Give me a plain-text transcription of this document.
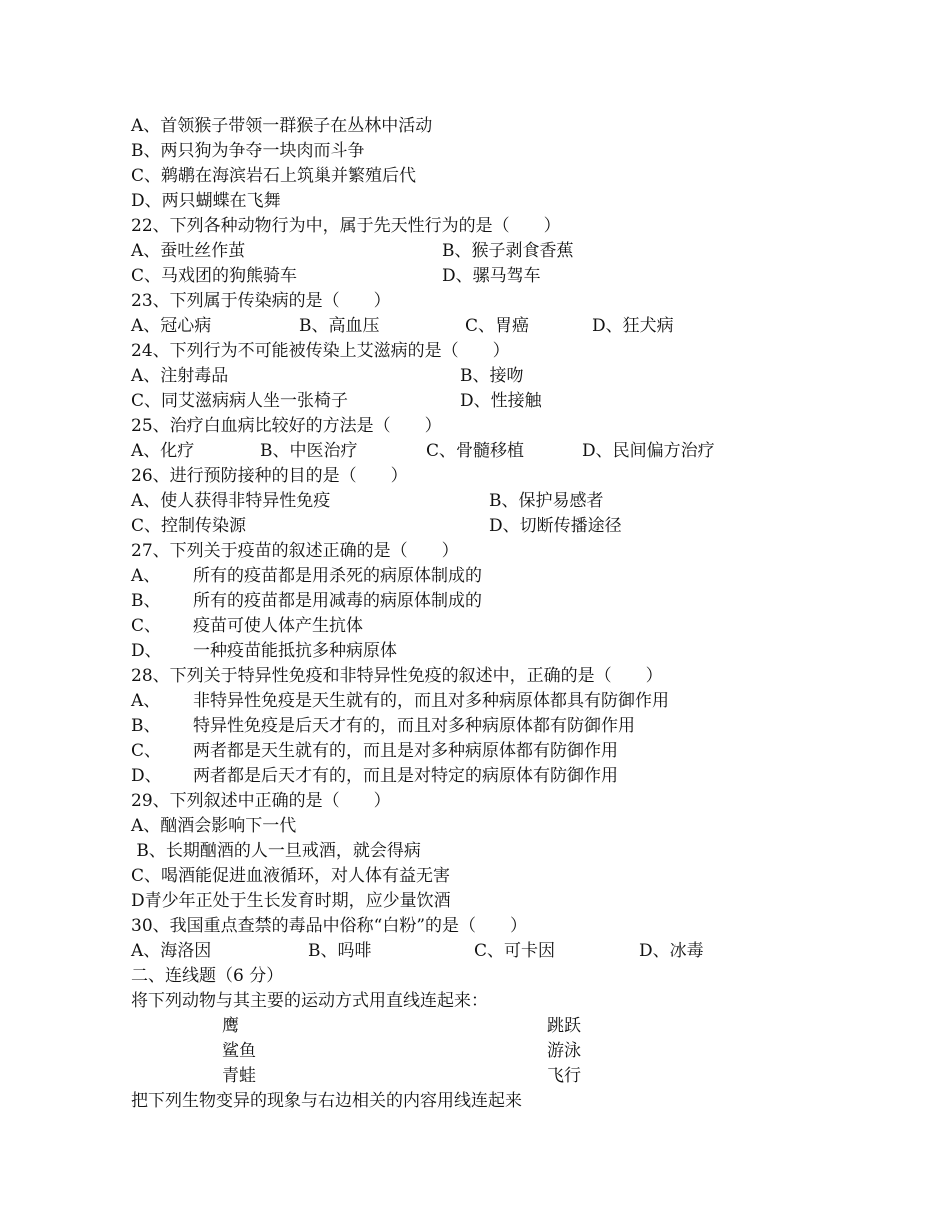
A、首领猴子带领一群猴子在丛林中活动
B、两只狗为争夺一块肉而斗争
C、鹈鹕在海滨岩石上筑巢并繁殖后代
D、两只蝴蝶在飞舞
22、下列各种动物行为中，属于先天性行为的是（　　）
A、蚕吐丝作茧	B、猴子剥食香蕉
C、马戏团的狗熊骑车	D、骡马驾车
23、下列属于传染病的是（　　）
A、冠心病	B、高血压	C、胃癌	D、狂犬病
24、下列行为不可能被传染上艾滋病的是（　　）
A、注射毒品	B、接吻
C、同艾滋病病人坐一张椅子	D、性接触
25、治疗白血病比较好的方法是（　　）
A、化疗	B、中医治疗	C、骨髓移植	D、民间偏方治疗
26、进行预防接种的目的是（　　）
A、使人获得非特异性免疫	B、保护易感者
C、控制传染源	D、切断传播途径
27、下列关于疫苗的叙述正确的是（　　）
A、 所有的疫苗都是用杀死的病原体制成的
B、 所有的疫苗都是用减毒的病原体制成的
C、 疫苗可使人体产生抗体
D、 一种疫苗能抵抗多种病原体
28、下列关于特异性免疫和非特异性免疫的叙述中，正确的是（　　）
A、 非特异性免疫是天生就有的，而且对多种病原体都具有防御作用
B、 特异性免疫是后天才有的，而且对多种病原体都有防御作用
C、 两者都是天生就有的，而且是对多种病原体都有防御作用
D、 两者都是后天才有的，而且是对特定的病原体有防御作用
29、下列叙述中正确的是（　　）
A、酗酒会影响下一代
B、长期酗酒的人一旦戒酒，就会得病
C、喝酒能促进血液循环，对人体有益无害
D青少年正处于生长发育时期，应少量饮酒
30、我国重点查禁的毒品中俗称“白粉”的是（　　）
A、海洛因	B、吗啡	C、可卡因	D、冰毒
二、连线题（6 分）
将下列动物与其主要的运动方式用直线连起来：
鹰	跳跃
鲨鱼	游泳
青蛙	飞行
把下列生物变异的现象与右边相关的内容用线连起来
